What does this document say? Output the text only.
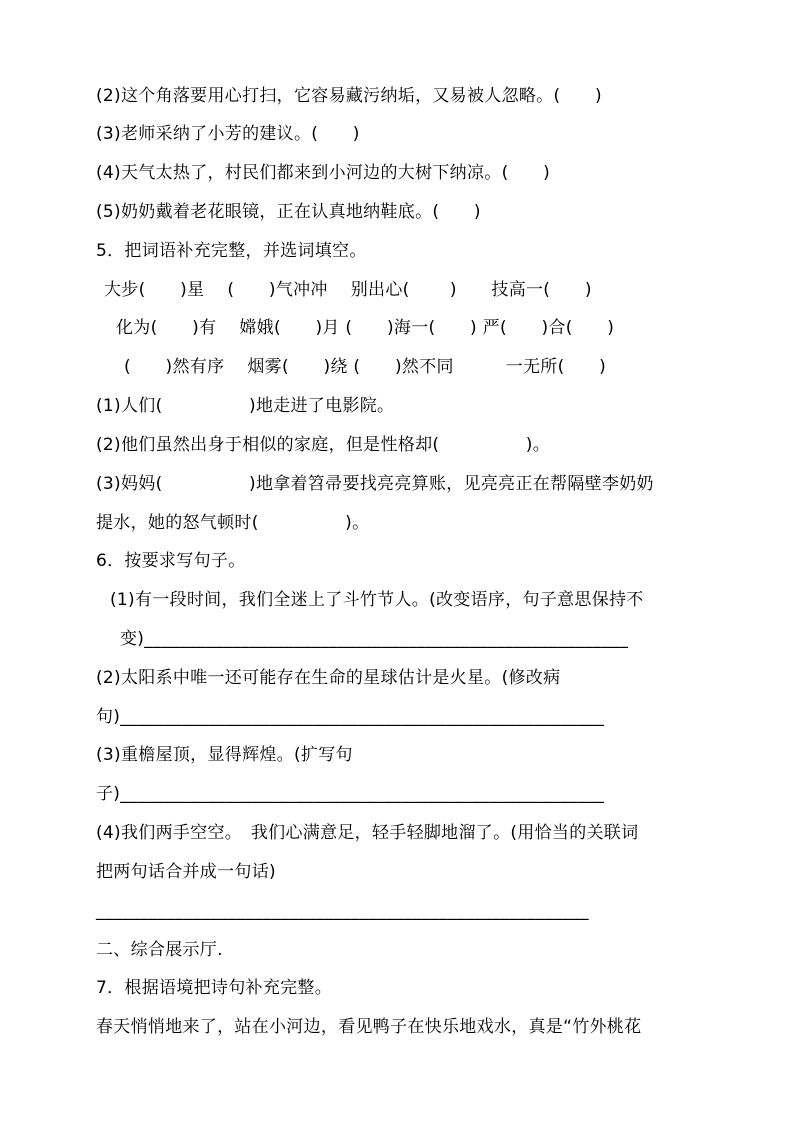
(2)这个角落要用心打扫，它容易藏污纳垢，又易被人忽略。(　　)
(3)老师采纳了小芳的建议。(　　)
(4)天气太热了，村民们都来到小河边的大树下纳凉。(　　)
(5)奶奶戴着老花眼镜，正在认真地纳鞋底。(　　)
5．把词语补充完整，并选词填空。
大步(　　)星　 (　　)气冲冲　 别出心(　　 )　　技高一(　　)
化为(　　)有　 嫦娥(　　)月 (　　)海一(　　) 严(　　)合(　　)
(　　)然有序　 烟雾(　　)绕 (　　)然不同　　　一无所(　　)
(1)人们(　　　　　)地走进了电影院。
(2)他们虽然出身于相似的家庭，但是性格却(　　　　　)。
(3)妈妈(　　　　　)地拿着笤帚要找亮亮算账，见亮亮正在帮隔壁李奶奶
提水，她的怒气顿时(　　　　　)。
6．按要求写句子。
(1)有一段时间，我们全迷上了斗竹节人。(改变语序，句子意思保持不
变)_______________________________________________________
(2)太阳系中唯一还可能存在生命的星球估计是火星。(修改病
句)_______________________________________________________
(3)重檐屋顶，显得辉煌。(扩写句
子)_______________________________________________________
(4)我们两手空空。　我们心满意足，轻手轻脚地溜了。(用恰当的关联词
把两句话合并成一句话)
________________________________________________________
二、综合展示厅.
7．根据语境把诗句补充完整。
春天悄悄地来了，站在小河边，看见鸭子在快乐地戏水，真是“竹外桃花
